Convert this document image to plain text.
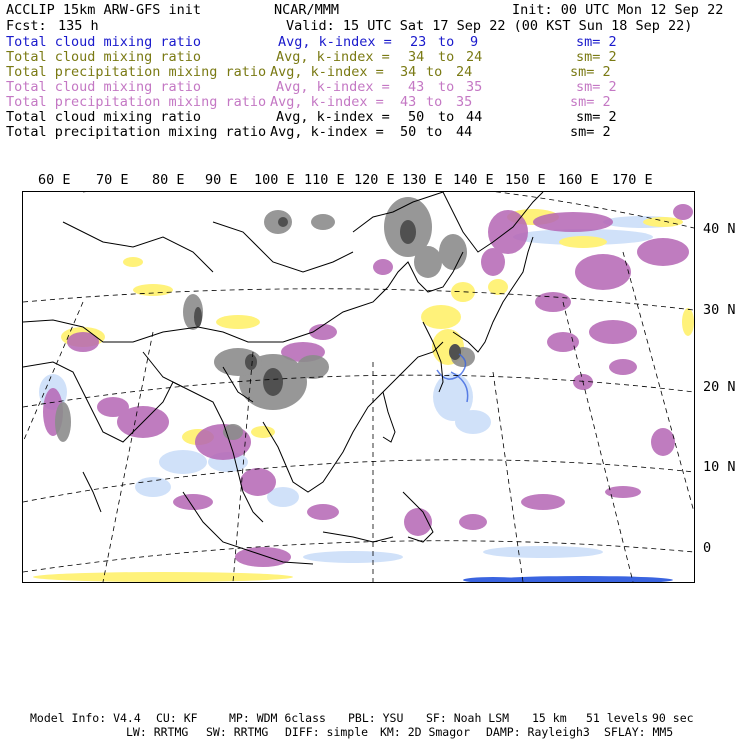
ACCLIP 15km ARW-GFS init	NCAR/MMM	Init: 00 UTC Mon 12 Sep 22
Fcst: 135 h	Valid: 15 UTC Sat 17 Sep 22 (00 KST Sun 18 Sep 22)
Total cloud mixing ratio	Avg, k-index = 23 to 9	sm= 2
Total cloud mixing ratio	Avg, k-index = 34 to 24	sm= 2
Total precipitation mixing ratio Avg, k-index = 34 to 24	sm= 2
Total cloud mixing ratio	Avg, k-index = 43 to 35	sm= 2
Total precipitation mixing ratio Avg, k-index = 43 to 35	sm= 2
Total cloud mixing ratio	Avg, k-index = 50 to 44	sm= 2
Total precipitation mixing ratio Avg, k-index = 50 to 44	sm= 2
60 E 70 E 80 E 90 E 100 E 110 E 120 E 130 E 140 E 150 E 160 E 170 E
40 N
30 N
20 N
10 N
0
Model Info: V4.4 CU: KF	MP: WDM 6class PBL: YSU SF: Noah LSM 15 km 51 levels 90 sec
LW: RRTMG SW: RRTMG DIFF: simple KM: 2D Smagor DAMP: Rayleigh3 SFLAY: MM5
